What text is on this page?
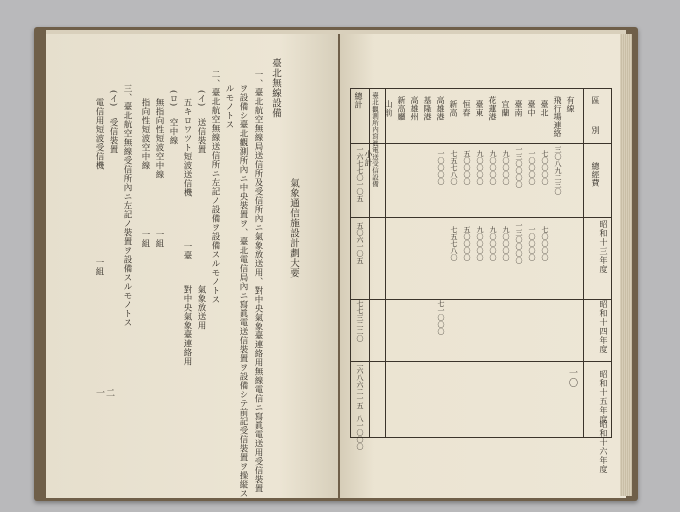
氣象通信施設計劃大要
臺北無線設備
一、臺北航空無線局送信所及受信所內ニ氣象放送用、對中央氣象臺連絡用無線電信ニ寫眞電送用受信裝置
ヲ設備シ臺北觀測所內ニ中央裝置ヲ、臺北電信局內ニ寫眞電送信裝置ヲ設備シテ前記受信裝置ヲ操縦ス
ルモノトス
二、臺北航空無線送信所ニ左記ノ設備ヲ設備スルモノトス
(イ)
送信裝置
五キロワツト短波送信機
一臺
氣象放送用
對中央氣象臺連絡用
(ロ)
空中線
無指向性短波空中線
一組
指向性短波空中線
一組
三、臺北航空無線受信所內ニ左記ノ裝置ヲ設備スルモノトス
(イ)
受信裝置
電信用短波受信機
一組
一二
區
別
總經費
昭和十三年度
昭和十四年度
昭和十五年度
昭和十六年度
有線
飛行場連絡
臺北
臺中
臺南
宜蘭
花蓮港
臺東
恒春
新高
高雄港
基隆港
高雄州
新高廳
山前
臺北觀測所内寫眞電送受信設備
小計
總計
三〇八九二三〇
七〇〇〇〇
一〇〇〇〇
一三〇〇〇〇
九〇〇〇〇
九〇〇〇〇
九〇〇〇〇
五〇〇〇〇
七五七八〇
一〇〇〇〇
七〇〇〇〇
一〇〇〇〇
一三〇〇〇〇
九〇〇〇〇
九〇〇〇〇
九〇〇〇〇
五〇〇〇〇
七五七八〇
七一〇〇〇
一六七七〇一〇五
五〇六一〇五
七七三二二〇
二六八六二一五
八一〇〇〇
一〇
